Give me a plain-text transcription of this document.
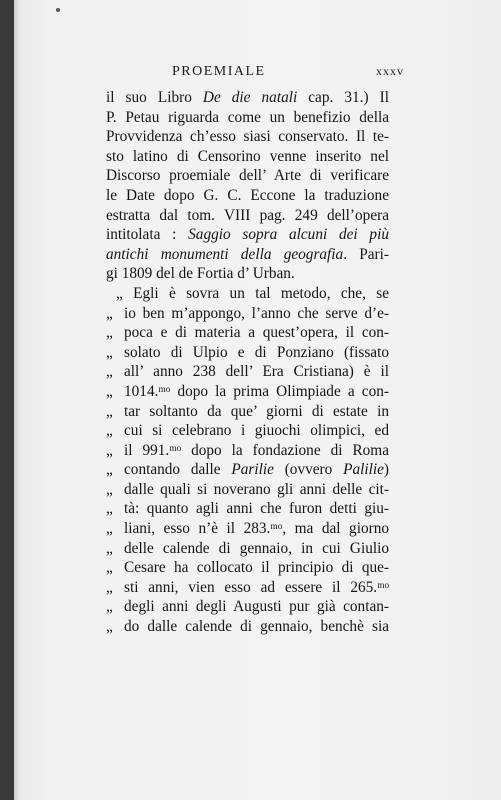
PROEMIALE	xxxv
il suo Libro De die natali cap. 31.) Il
P. Petau riguarda come un benefizio della
Provvidenza ch’esso siasi conservato. Il te-
sto latino di Censorino venne inserito nel
Discorso proemiale dell’ Arte di verificare
le Date dopo G. C. Eccone la traduzione
estratta dal tom. VIII pag. 249 dell’opera
intitolata : Saggio sopra alcuni dei più
antichi monumenti della geografia. Pari-
gi 1809 del de Fortia d’ Urban.
„ Egli è sovra un tal metodo, che, se
„ io ben m’appongo, l’anno che serve d’e-
„ poca e di materia a quest’opera, il con-
„ solato di Ulpio e di Ponziano (fissato
„ all’ anno 238 dell’ Era Cristiana) è il
„ 1014.ᵐᵒ dopo la prima Olimpiade a con-
„ tar soltanto da que’ giorni di estate in
„ cui si celebrano i giuochi olimpici, ed
„ il 991.ᵐᵒ dopo la fondazione di Roma
„ contando dalle Parilie (ovvero Palilie)
„ dalle quali si noverano gli anni delle cit-
„ tà: quanto agli anni che furon detti giu-
„ liani, esso n’è il 283.ᵐᵒ, ma dal giorno
„ delle calende di gennaio, in cui Giulio
„ Cesare ha collocato il principio di que-
„ sti anni, vien esso ad essere il 265.ᵐᵒ
„ degli anni degli Augusti pur già contan-
„ do dalle calende di gennaio, benchè sia
